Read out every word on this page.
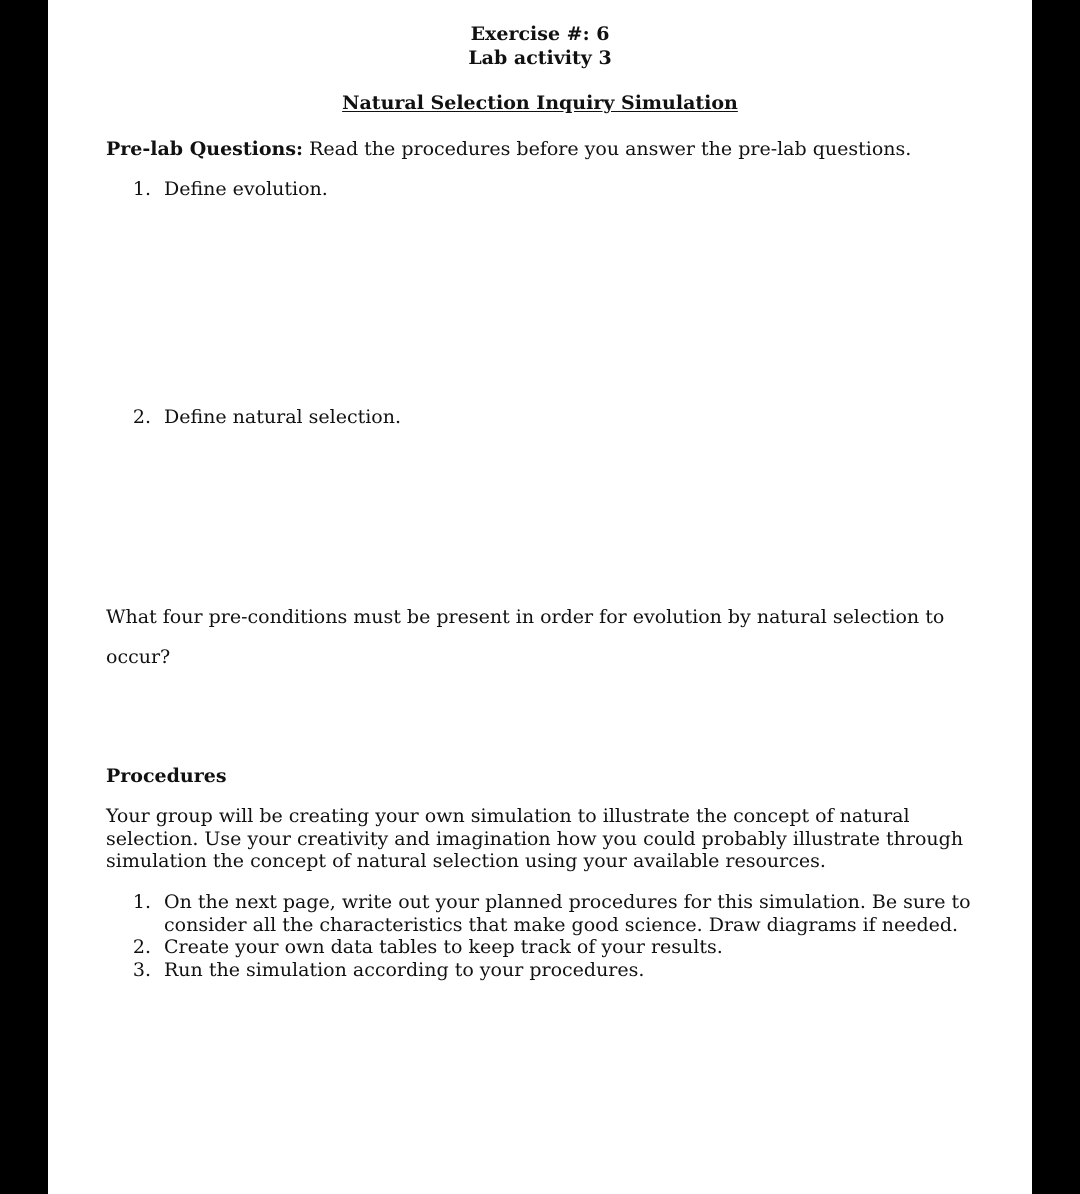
Exercise #: 6
Lab activity 3
Natural Selection Inquiry Simulation
Pre-lab Questions: Read the procedures before you answer the pre-lab questions.
1. Define evolution.
2. Define natural selection.
What four pre-conditions must be present in order for evolution by natural selection to
occur?
Procedures
Your group will be creating your own simulation to illustrate the concept of natural
selection. Use your creativity and imagination how you could probably illustrate through
simulation the concept of natural selection using your available resources.
1. On the next page, write out your planned procedures for this simulation. Be sure to
consider all the characteristics that make good science. Draw diagrams if needed.
2. Create your own data tables to keep track of your results.
3. Run the simulation according to your procedures.
